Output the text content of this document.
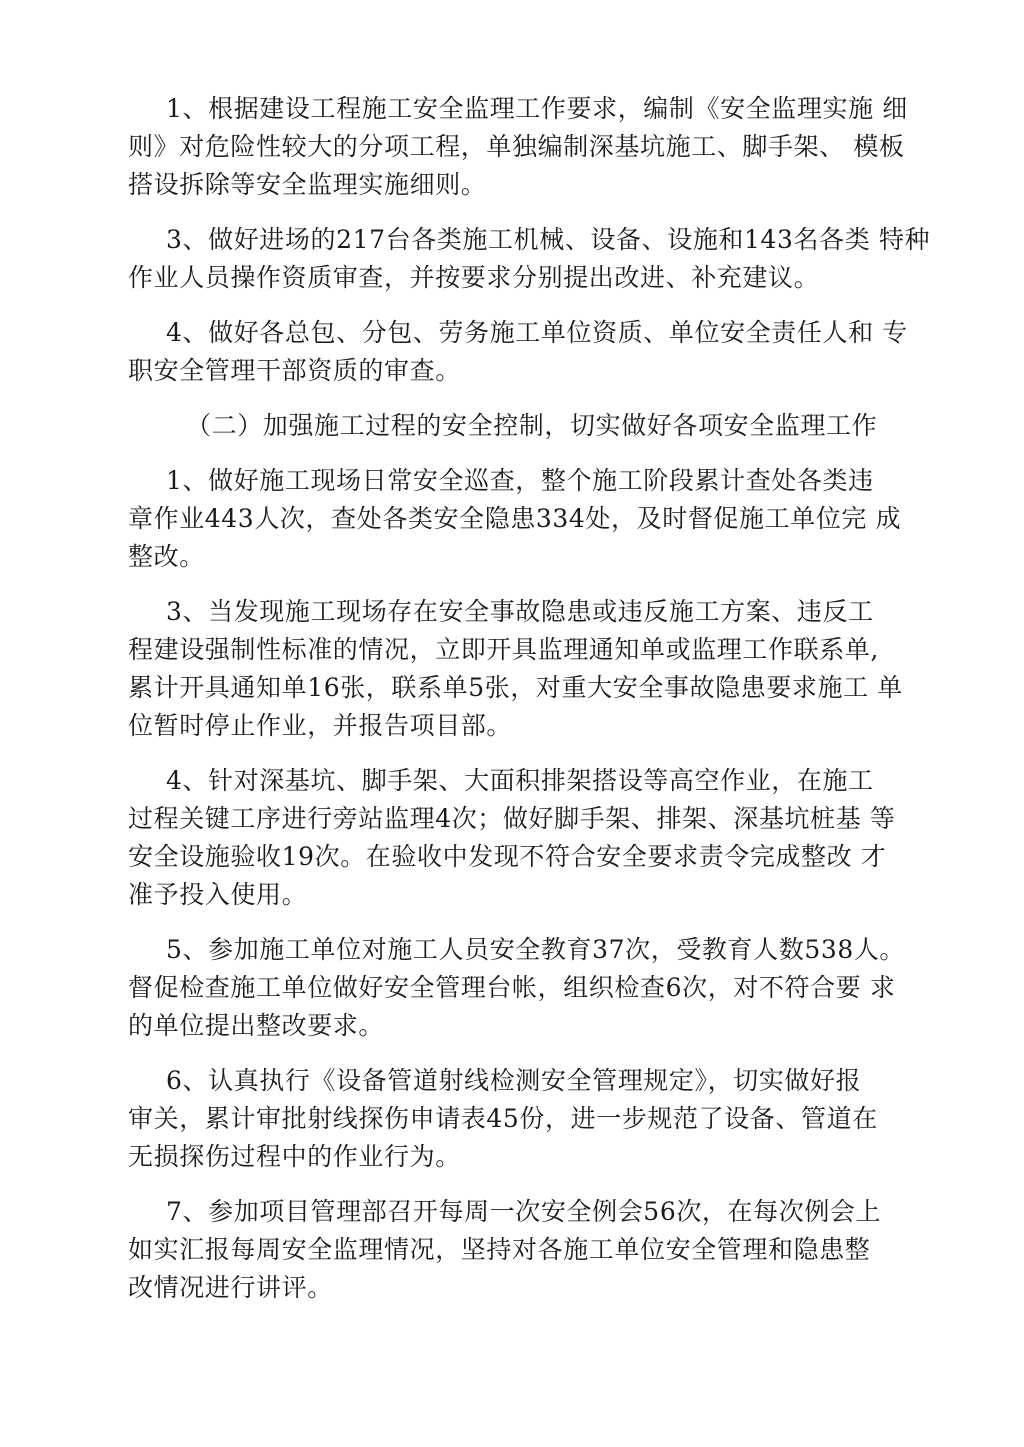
1、根据建设工程施工安全监理工作要求，编制《安全监理实施 细
则》对危险性较大的分项工程，单独编制深基坑施工、脚手架、 模板
搭设拆除等安全监理实施细则。

3、做好进场的217台各类施工机械、设备、设施和143名各类 特种
作业人员操作资质审查，并按要求分别提出改进、补充建议。

4、做好各总包、分包、劳务施工单位资质、单位安全责任人和 专
职安全管理干部资质的审查。

（二）加强施工过程的安全控制，切实做好各项安全监理工作

1、做好施工现场日常安全巡查，整个施工阶段累计查处各类违
章作业443人次，查处各类安全隐患334处，及时督促施工单位完 成
整改。

3、当发现施工现场存在安全事故隐患或违反施工方案、违反工
程建设强制性标准的情况，立即开具监理通知单或监理工作联系单,
累计开具通知单16张，联系单5张，对重大安全事故隐患要求施工 单
位暂时停止作业，并报告项目部。

4、针对深基坑、脚手架、大面积排架搭设等高空作业，在施工
过程关键工序进行旁站监理4次；做好脚手架、排架、深基坑桩基 等
安全设施验收19次。在验收中发现不符合安全要求责令完成整改 才
准予投入使用。

5、参加施工单位对施工人员安全教育37次，受教育人数538人。
督促检查施工单位做好安全管理台帐，组织检查6次，对不符合要 求
的单位提出整改要求。

6、认真执行《设备管道射线检测安全管理规定》，切实做好报
审关，累计审批射线探伤申请表45份，进一步规范了设备、管道在
无损探伤过程中的作业行为。

7、参加项目管理部召开每周一次安全例会56次，在每次例会上
如实汇报每周安全监理情况，坚持对各施工单位安全管理和隐患整
改情况进行讲评。
